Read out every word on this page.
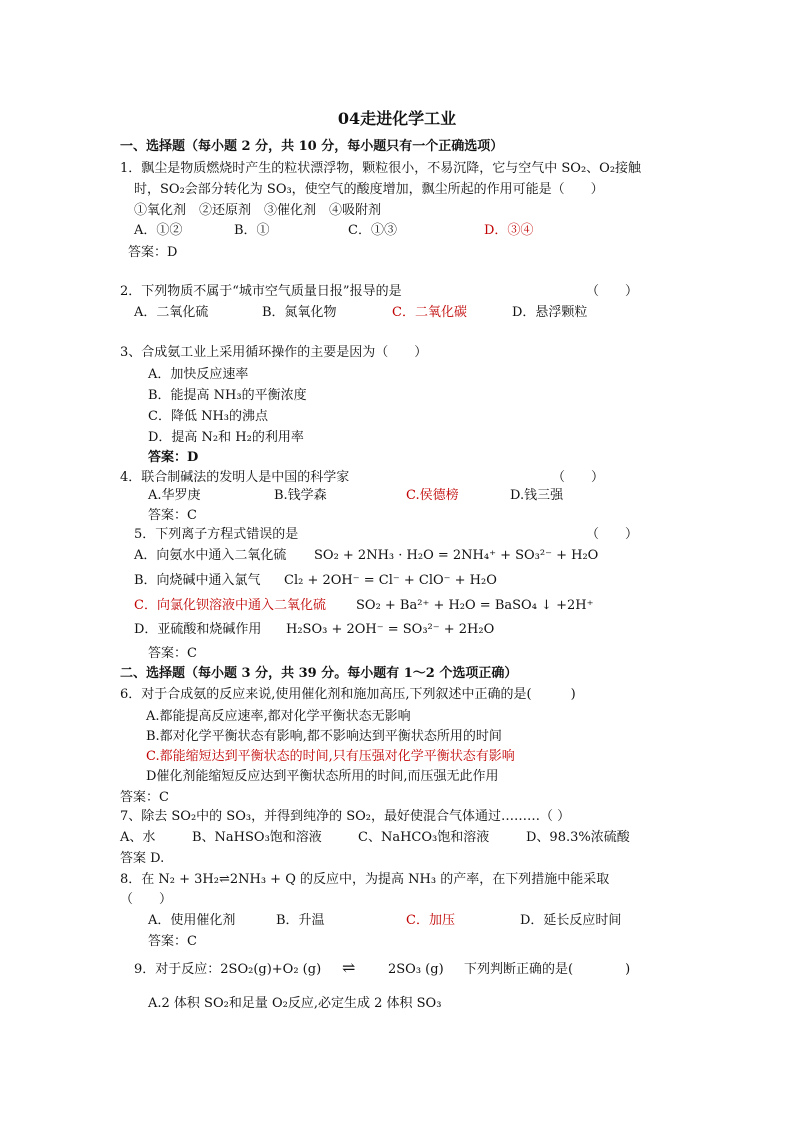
04走进化学工业
一、选择题（每小题 2 分，共 10 分，每小题只有一个正确选项）
1．飘尘是物质燃烧时产生的粒状漂浮物，颗粒很小，不易沉降，它与空气中 SO₂、O₂接触
时，SO₂会部分转化为 SO₃，使空气的酸度增加，飘尘所起的作用可能是（　　）
①氧化剂　②还原剂　③催化剂　④吸附剂
A．①②	B．①	C．①③	D．③④
答案：D
2．下列物质不属于“城市空气质量日报”报导的是	（　　）
A．二氧化硫	B．氮氧化物	C．二氧化碳	D．悬浮颗粒
3、合成氨工业上采用循环操作的主要是因为（　　）
A．加快反应速率
B．能提高 NH₃的平衡浓度
C．降低 NH₃的沸点
D．提高 N₂和 H₂的利用率
答案：D
4．联合制碱法的发明人是中国的科学家	（　　）
A.华罗庚	B.钱学森	C.侯德榜	D.钱三强
答案：C
5．下列离子方程式错误的是	（　　）
A．向氨水中通入二氧化硫 SO₂ + 2NH₃ · H₂O = 2NH₄⁺ + SO₃²⁻ + H₂O
B．向烧碱中通入氯气 Cl₂ + 2OH⁻ = Cl⁻ + ClO⁻ + H₂O
C．向氯化钡溶液中通入二氧化硫 SO₂ + Ba²⁺ + H₂O = BaSO₄ ↓ +2H⁺
D．亚硫酸和烧碱作用 H₂SO₃ + 2OH⁻ = SO₃²⁻ + 2H₂O
答案：C
二、选择题（每小题 3 分，共 39 分。每小题有 1～2 个选项正确）
6．对于合成氨的反应来说,使用催化剂和施加高压,下列叙述中正确的是(　　　)
A.都能提高反应速率,都对化学平衡状态无影响
B.都对化学平衡状态有影响,都不影响达到平衡状态所用的时间
C.都能缩短达到平衡状态的时间,只有压强对化学平衡状态有影响
D催化剂能缩短反应达到平衡状态所用的时间,而压强无此作用
答案：C
7、除去 SO₂中的 SO₃，并得到纯净的 SO₂，最好使混合气体通过………（ ）
A、水	B、NaHSO₃饱和溶液	C、NaHCO₃饱和溶液	D、98.3%浓硫酸
答案 D.
8．在 N₂ + 3H₂⇌2NH₃ + Q 的反应中，为提高 NH₃ 的产率，在下列措施中能采取
（　　）
A．使用催化剂	B．升温	C．加压	D．延长反应时间
答案：C
9．对于反应：2SO₂(g)+O₂ (g) ⇌	2SO₃ (g) 下列判断正确的是(　　　　)
A.2 体积 SO₂和足量 O₂反应,必定生成 2 体积 SO₃
